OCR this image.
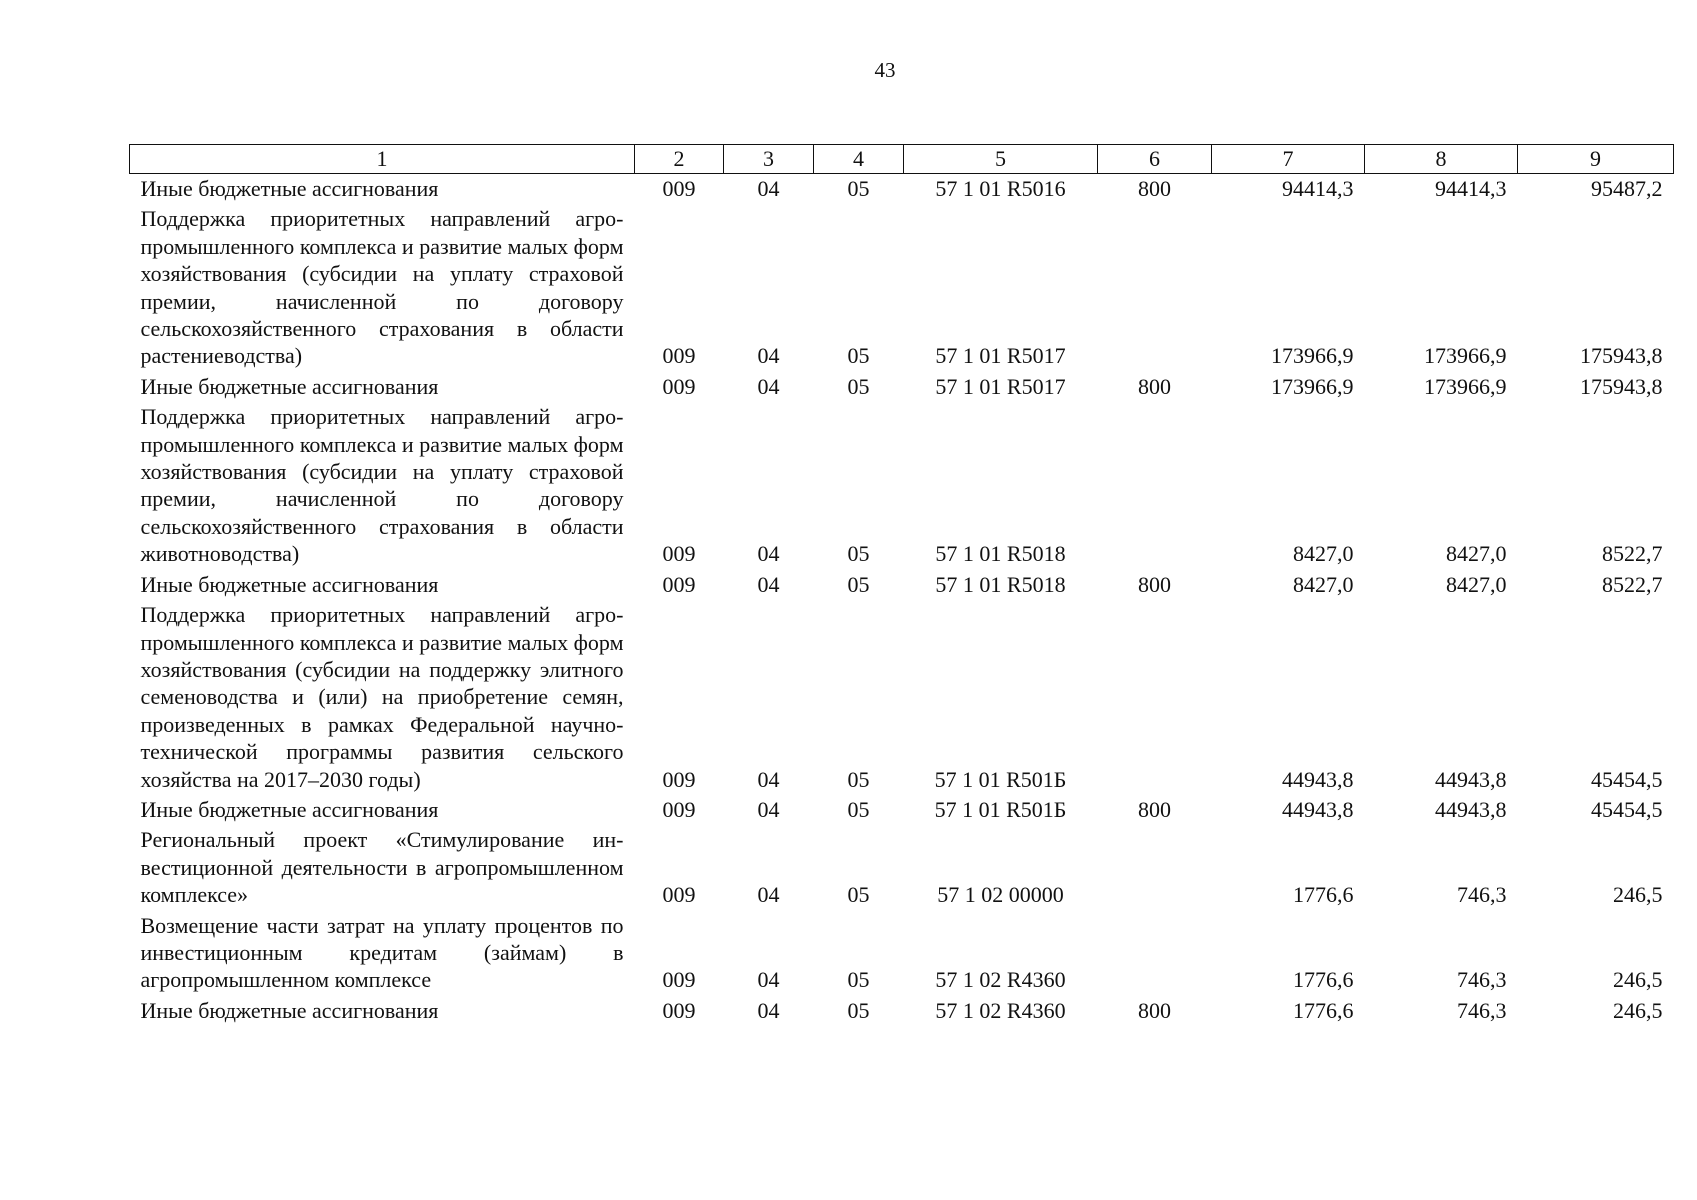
43
1	2	3	4	5	6	7	8	9
Иные бюджетные ассигнования	009	04	05	57 1 01 R5016	800	94414,3	94414,3	95487,2
Поддержка приоритетных направлений агропромышленного комплекса и развитие малых форм хозяйствования (субсидии на уплату страховой премии, начисленной по договору сельскохозяйственного страхования в области растениеводства)	009	04	05	57 1 01 R5017		173966,9	173966,9	175943,8
Иные бюджетные ассигнования	009	04	05	57 1 01 R5017	800	173966,9	173966,9	175943,8
Поддержка приоритетных направлений агропромышленного комплекса и развитие малых форм хозяйствования (субсидии на уплату страховой премии, начисленной по договору сельскохозяйственного страхования в области животноводства)	009	04	05	57 1 01 R5018		8427,0	8427,0	8522,7
Иные бюджетные ассигнования	009	04	05	57 1 01 R5018	800	8427,0	8427,0	8522,7
Поддержка приоритетных направлений агропромышленного комплекса и развитие малых форм хозяйствования (субсидии на поддержку элитного семеноводства и (или) на приобретение семян, произведенных в рамках Федеральной научно-технической программы развития сельского хозяйства на 2017–2030 годы)	009	04	05	57 1 01 R501Б		44943,8	44943,8	45454,5
Иные бюджетные ассигнования	009	04	05	57 1 01 R501Б	800	44943,8	44943,8	45454,5
Региональный проект «Стимулирование инвестиционной деятельности в агропромышленном комплексе»	009	04	05	57 1 02 00000		1776,6	746,3	246,5
Возмещение части затрат на уплату процентов по инвестиционным кредитам (займам) в агропромышленном комплексе	009	04	05	57 1 02 R4360		1776,6	746,3	246,5
Иные бюджетные ассигнования	009	04	05	57 1 02 R4360	800	1776,6	746,3	246,5
